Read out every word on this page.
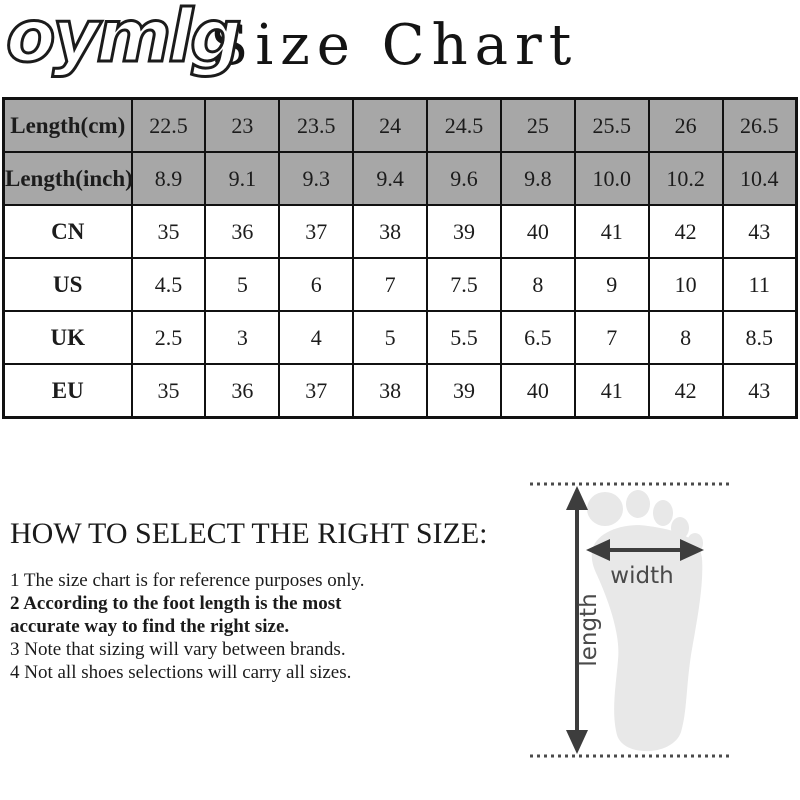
Size Chart
oymlg
Length(cm)	22.5	23	23.5	24	24.5	25	25.5	26	26.5
Length(inch)	8.9	9.1	9.3	9.4	9.6	9.8	10.0	10.2	10.4
CN	35	36	37	38	39	40	41	42	43
US	4.5	5	6	7	7.5	8	9	10	11
UK	2.5	3	4	5	5.5	6.5	7	8	8.5
EU	35	36	37	38	39	40	41	42	43
HOW TO SELECT THE RIGHT SIZE:
1 The size chart is for reference purposes only.
2 According to the foot length is the most
accurate way to find the right size.
3 Note that sizing will vary between brands.
4 Not all shoes selections will carry all sizes.
width
length
